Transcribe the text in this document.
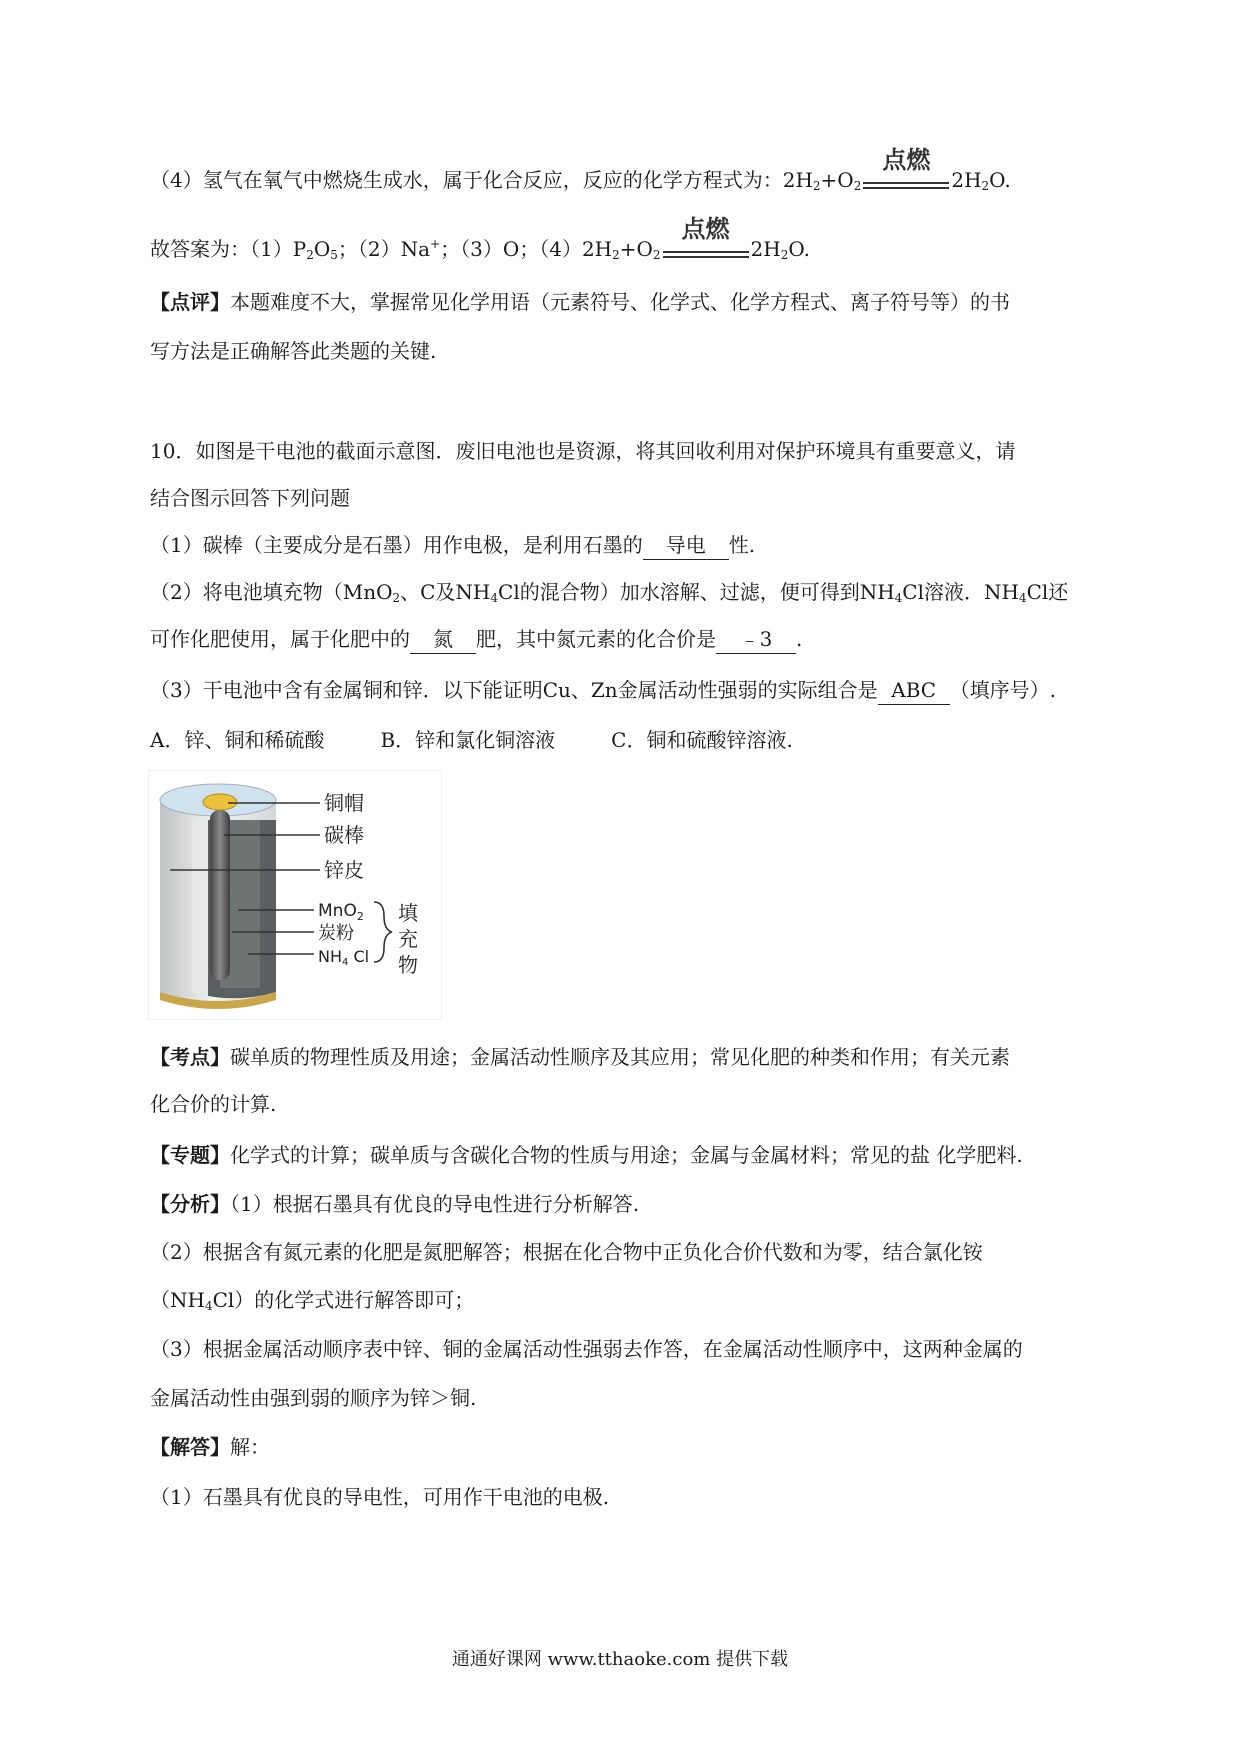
（4）氢气在氧气中燃烧生成水，属于化合反应，反应的化学方程式为：$2H_2+O_2$
点燃
$2H_2O$.
故答案为：$(1)P_2O_5$；（2）Na+；（3）O；$(4)2H_2+O_2$
点燃
$2H_2O$.
【点评】本题难度不大，掌握常见化学用语（元素符号、化学式、化学方程式、离子符号等）的书
写方法是正确解答此类题的关键.
10．如图是干电池的截面示意图．废旧电池也是资源，将其回收利用对保护环境具有重要意义，请
结合图示回答下列问题
（1）碳棒（主要成分是石墨）用作电极，是利用石墨的 导电 性.
（2）将电池填充物（MnO$_2$、C及$NH_4Cl$的混合物）加水溶解、过滤，便可得到$NH_4Cl$溶液．$NH_4Cl$还
可作化肥使用，属于化肥中的 氮 肥，其中氮元素的化合价是 ﹣3 .
（3）干电池中含有金属铜和锌．以下能证明Cu、Zn金属活动性强弱的实际组合是 ABC （填序号）.
A．锌、铜和稀硫酸	B．锌和氯化铜溶液	C．铜和硫酸锌溶液.
铜帽
碳棒
锌皮
MnO$_2$
炭粉
NH4 Cl
填
充
物
【考点】碳单质的物理性质及用途；金属活动性顺序及其应用；常见化肥的种类和作用；有关元素
化合价的计算.
【专题】化学式的计算；碳单质与含碳化合物的性质与用途；金属与金属材料；常见的盐 化学肥料.
【分析】（1）根据石墨具有优良的导电性进行分析解答.
（2）根据含有氮元素的化肥是氮肥解答；根据在化合物中正负化合价代数和为零，结合氯化铵
$(NH_4Cl)$的化学式进行解答即可；
（3）根据金属活动顺序表中锌、铜的金属活动性强弱去作答，在金属活动性顺序中，这两种金属的
金属活动性由强到弱的顺序为锌＞铜.
【解答】解：
（1）石墨具有优良的导电性，可用作干电池的电极.
通通好课网 www.tthaoke.com 提供下载
